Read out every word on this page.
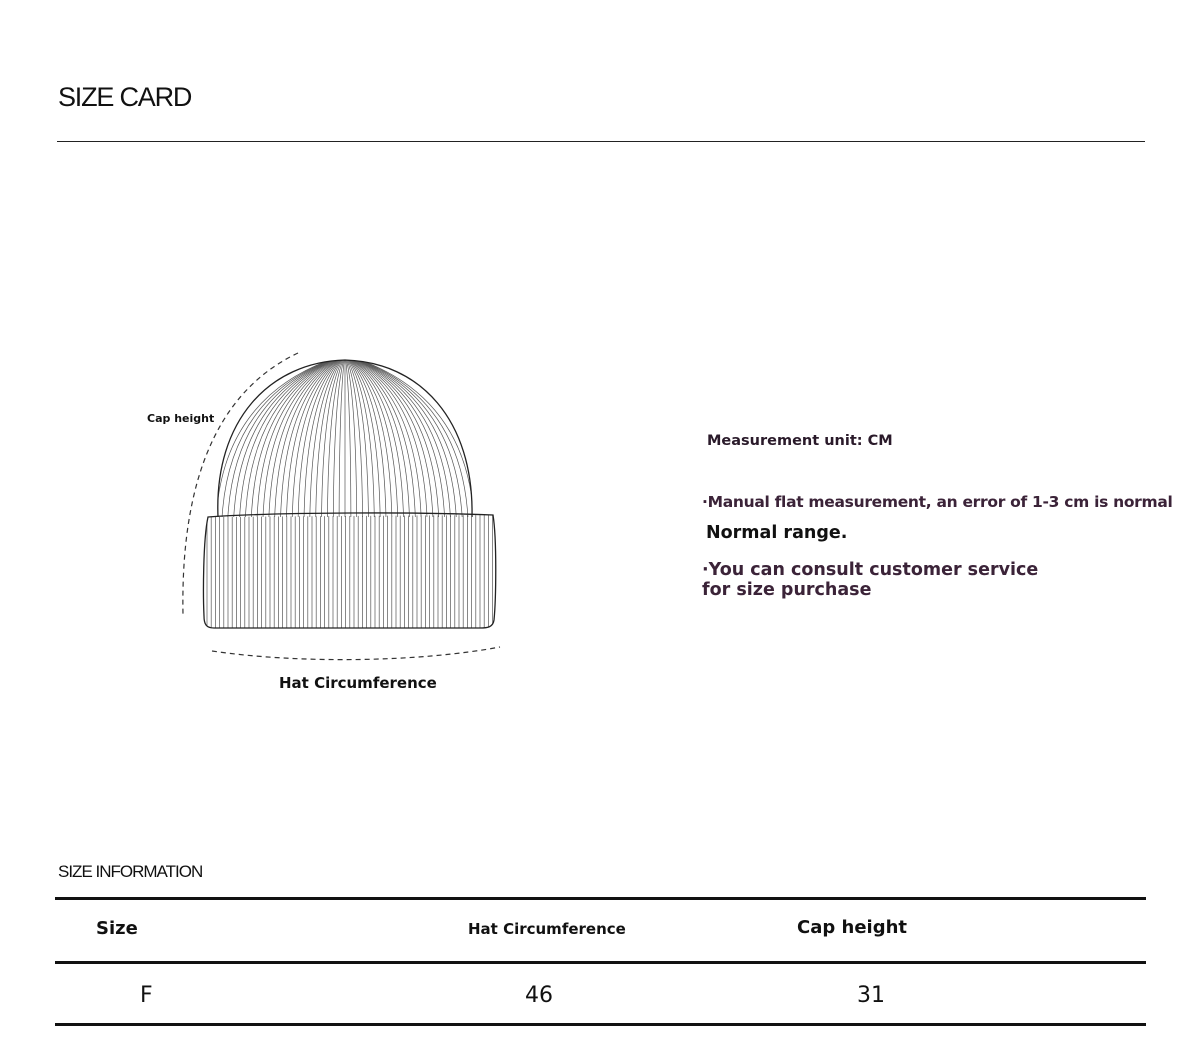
SIZE CARD
Cap height
Hat Circumference
Measurement unit: CM
·Manual flat measurement, an error of 1-3 cm is normal
Normal range.
·You can consult customer service for size purchase
SIZE INFORMATION
Size	Hat Circumference	Cap height
F	46	31
